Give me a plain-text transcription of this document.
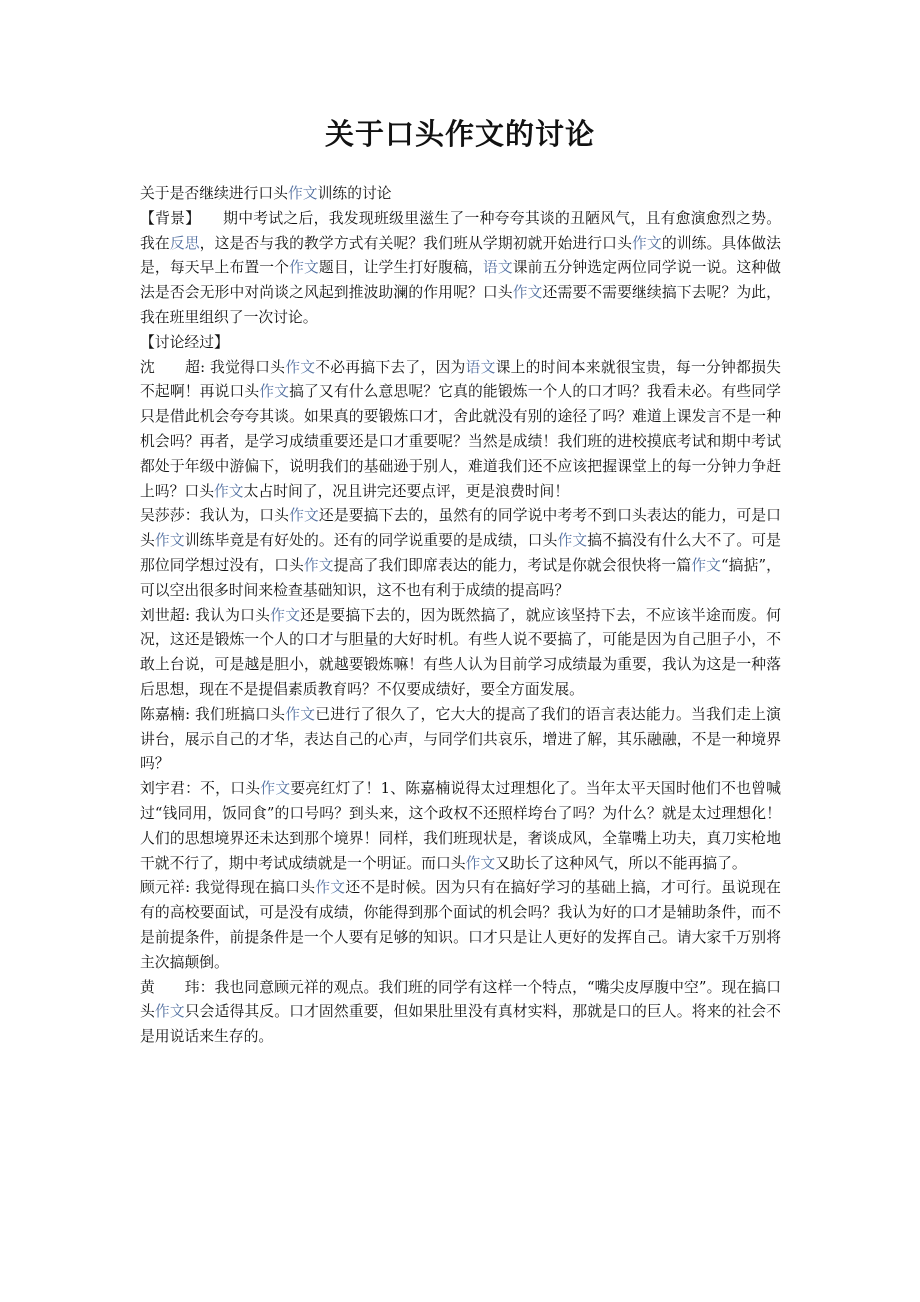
关于口头作文的讨论

关于是否继续进行口头作文训练的讨论

【背景】　　期中考试之后，我发现班级里滋生了一种夸夸其谈的丑陋风气，且有愈演愈烈之势。我在反思，这是否与我的教学方式有关呢？我们班从学期初就开始进行口头作文的训练。具体做法是，每天早上布置一个作文题目，让学生打好腹稿，语文课前五分钟选定两位同学说一说。这种做法是否会无形中对尚谈之风起到推波助澜的作用呢？口头作文还需要不需要继续搞下去呢？为此，我在班里组织了一次讨论。

【讨论经过】

沈　　超: 我觉得口头作文不必再搞下去了，因为语文课上的时间本来就很宝贵，每一分钟都损失不起啊！再说口头作文搞了又有什么意思呢？它真的能锻炼一个人的口才吗？我看未必。有些同学只是借此机会夸夸其谈。如果真的要锻炼口才，舍此就没有别的途径了吗？难道上课发言不是一种机会吗？再者，是学习成绩重要还是口才重要呢？当然是成绩！我们班的进校摸底考试和期中考试都处于年级中游偏下，说明我们的基础逊于别人，难道我们还不应该把握课堂上的每一分钟力争赶上吗？口头作文太占时间了，况且讲完还要点评，更是浪费时间！

吴莎莎：我认为，口头作文还是要搞下去的，虽然有的同学说中考考不到口头表达的能力，可是口头作文训练毕竟是有好处的。还有的同学说重要的是成绩，口头作文搞不搞没有什么大不了。可是那位同学想过没有，口头作文提高了我们即席表达的能力，考试是你就会很快将一篇作文“搞掂”，可以空出很多时间来检查基础知识，这不也有利于成绩的提高吗？

刘世超: 我认为口头作文还是要搞下去的，因为既然搞了，就应该坚持下去，不应该半途而废。何况，这还是锻炼一个人的口才与胆量的大好时机。有些人说不要搞了，可能是因为自己胆子小，不敢上台说，可是越是胆小，就越要锻炼嘛！有些人认为目前学习成绩最为重要，我认为这是一种落后思想，现在不是提倡素质教育吗？不仅要成绩好，要全方面发展。

陈嘉楠: 我们班搞口头作文已进行了很久了，它大大的提高了我们的语言表达能力。当我们走上演讲台，展示自己的才华，表达自己的心声，与同学们共哀乐，增进了解，其乐融融，不是一种境界吗？

刘宇君：不，口头作文要亮红灯了！1、陈嘉楠说得太过理想化了。当年太平天国时他们不也曾喊过“钱同用，饭同食”的口号吗？到头来，这个政权不还照样垮台了吗？为什么？就是太过理想化！人们的思想境界还未达到那个境界！同样，我们班现状是，奢谈成风，全靠嘴上功夫，真刀实枪地干就不行了，期中考试成绩就是一个明证。而口头作文又助长了这种风气，所以不能再搞了。

顾元祥: 我觉得现在搞口头作文还不是时候。因为只有在搞好学习的基础上搞，才可行。虽说现在有的高校要面试，可是没有成绩，你能得到那个面试的机会吗？我认为好的口才是辅助条件，而不是前提条件，前提条件是一个人要有足够的知识。口才只是让人更好的发挥自己。请大家千万别将主次搞颠倒。

黄　　玮：我也同意顾元祥的观点。我们班的同学有这样一个特点，“嘴尖皮厚腹中空”。现在搞口头作文只会适得其反。口才固然重要，但如果肚里没有真材实料，那就是口的巨人。将来的社会不是用说话来生存的。
